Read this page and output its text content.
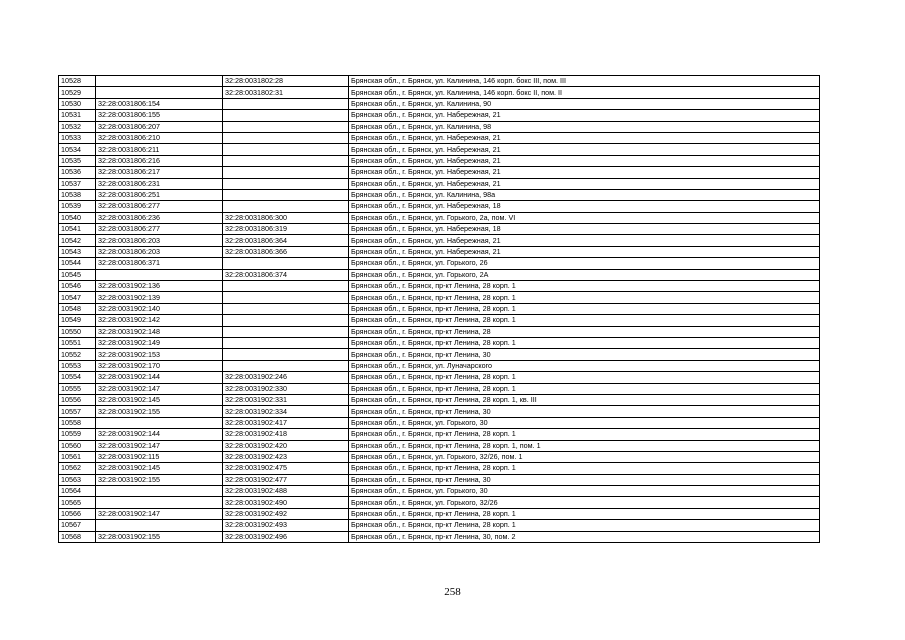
10528		32:28:0031802:28	Брянская обл., г. Брянск, ул. Калинина, 146 корп. бокс III, пом. III
10529		32:28:0031802:31	Брянская обл., г. Брянск, ул. Калинина, 146 корп. бокс II, пом. II
10530	32:28:0031806:154		Брянская обл., г. Брянск, ул. Калинина, 90
10531	32:28:0031806:155		Брянская обл., г. Брянск, ул. Набережная, 21
10532	32:28:0031806:207		Брянская обл., г. Брянск, ул. Калинина, 98
10533	32:28:0031806:210		Брянская обл., г. Брянск, ул. Набережная, 21
10534	32:28:0031806:211		Брянская обл., г. Брянск, ул. Набережная, 21
10535	32:28:0031806:216		Брянская обл., г. Брянск, ул. Набережная, 21
10536	32:28:0031806:217		Брянская обл., г. Брянск, ул. Набережная, 21
10537	32:28:0031806:231		Брянская обл., г. Брянск, ул. Набережная, 21
10538	32:28:0031806:251		Брянская обл., г. Брянск, ул. Калинина, 98а
10539	32:28:0031806:277		Брянская обл., г. Брянск, ул. Набережная, 18
10540	32:28:0031806:236	32:28:0031806:300	Брянская обл., г. Брянск, ул. Горького, 2а, пом. VI
10541	32:28:0031806:277	32:28:0031806:319	Брянская обл., г. Брянск, ул. Набережная, 18
10542	32:28:0031806:203	32:28:0031806:364	Брянская обл., г. Брянск, ул. Набережная, 21
10543	32:28:0031806:203	32:28:0031806:366	Брянская обл., г. Брянск, ул. Набережная, 21
10544	32:28:0031806:371		Брянская обл., г. Брянск, ул. Горького, 26
10545		32:28:0031806:374	Брянская обл., г. Брянск, ул. Горького, 2А
10546	32:28:0031902:136		Брянская обл., г. Брянск, пр-кт Ленина, 28 корп. 1
10547	32:28:0031902:139		Брянская обл., г. Брянск, пр-кт Ленина, 28 корп. 1
10548	32:28:0031902:140		Брянская обл., г. Брянск, пр-кт Ленина, 28 корп. 1
10549	32:28:0031902:142		Брянская обл., г. Брянск, пр-кт Ленина, 28 корп. 1
10550	32:28:0031902:148		Брянская обл., г. Брянск, пр-кт Ленина, 28
10551	32:28:0031902:149		Брянская обл., г. Брянск, пр-кт Ленина, 28 корп. 1
10552	32:28:0031902:153		Брянская обл., г. Брянск, пр-кт Ленина, 30
10553	32:28:0031902:170		Брянская обл., г. Брянск, ул. Луначарского
10554	32:28:0031902:144	32:28:0031902:246	Брянская обл., г. Брянск, пр-кт Ленина, 28 корп. 1
10555	32:28:0031902:147	32:28:0031902:330	Брянская обл., г. Брянск, пр-кт Ленина, 28 корп. 1
10556	32:28:0031902:145	32:28:0031902:331	Брянская обл., г. Брянск, пр-кт Ленина, 28 корп. 1, кв. III
10557	32:28:0031902:155	32:28:0031902:334	Брянская обл., г. Брянск, пр-кт Ленина, 30
10558		32:28:0031902:417	Брянская обл., г. Брянск, ул. Горького, 30
10559	32:28:0031902:144	32:28:0031902:418	Брянская обл., г. Брянск, пр-кт Ленина, 28 корп. 1
10560	32:28:0031902:147	32:28:0031902:420	Брянская обл., г. Брянск, пр-кт Ленина, 28 корп. 1, пом. 1
10561	32:28:0031902:115	32:28:0031902:423	Брянская обл., г. Брянск, ул. Горького, 32/26, пом. 1
10562	32:28:0031902:145	32:28:0031902:475	Брянская обл., г. Брянск, пр-кт Ленина, 28 корп. 1
10563	32:28:0031902:155	32:28:0031902:477	Брянская обл., г. Брянск, пр-кт Ленина, 30
10564		32:28:0031902:488	Брянская обл., г. Брянск, ул. Горького, 30
10565		32:28:0031902:490	Брянская обл., г. Брянск, ул. Горького, 32/26
10566	32:28:0031902:147	32:28:0031902:492	Брянская обл., г. Брянск, пр-кт Ленина, 28 корп. 1
10567		32:28:0031902:493	Брянская обл., г. Брянск, пр-кт Ленина, 28 корп. 1
10568	32:28:0031902:155	32:28:0031902:496	Брянская обл., г. Брянск, пр-кт Ленина, 30, пом. 2
258
